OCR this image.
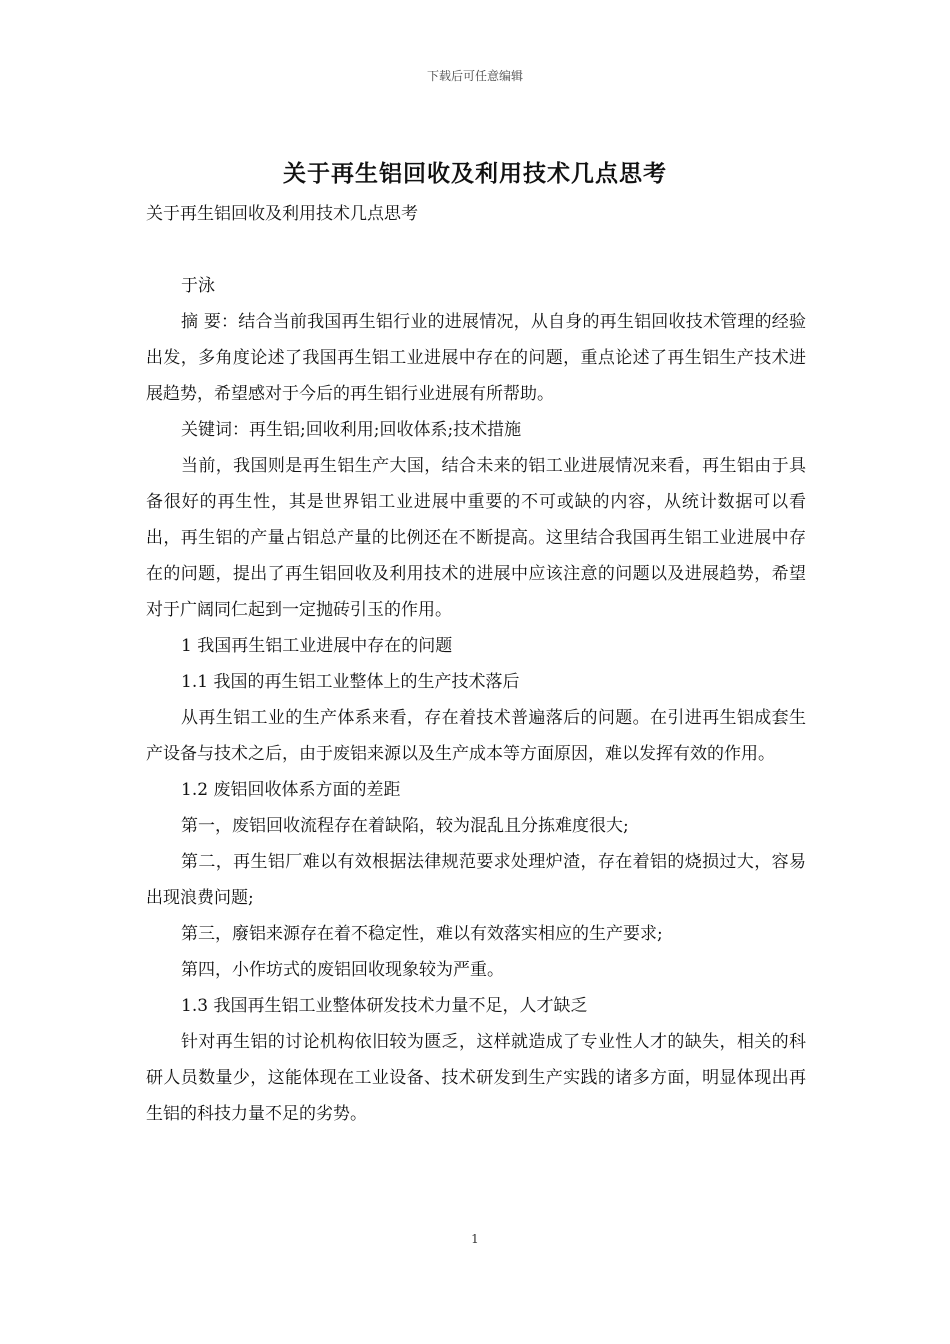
下载后可任意编辑
关于再生铝回收及利用技术几点思考

关于再生铝回收及利用技术几点思考

于泳

摘 要：结合当前我国再生铝行业的进展情况，从自身的再生铝回收技术管理的经验出发，多角度论述了我国再生铝工业进展中存在的问题，重点论述了再生铝生产技术进展趋势，希望感对于今后的再生铝行业进展有所帮助。

关键词：再生铝;回收利用;回收体系;技术措施

当前，我国则是再生铝生产大国，结合未来的铝工业进展情况来看，再生铝由于具备很好的再生性，其是世界铝工业进展中重要的不可或缺的内容，从统计数据可以看出，再生铝的产量占铝总产量的比例还在不断提高。这里结合我国再生铝工业进展中存在的问题，提出了再生铝回收及利用技术的进展中应该注意的问题以及进展趋势，希望对于广阔同仁起到一定抛砖引玉的作用。

1 我国再生铝工业进展中存在的问题

1.1 我国的再生铝工业整体上的生产技术落后

从再生铝工业的生产体系来看，存在着技术普遍落后的问题。在引进再生铝成套生产设备与技术之后，由于废铝来源以及生产成本等方面原因，难以发挥有效的作用。

1.2 废铝回收体系方面的差距

第一，废铝回收流程存在着缺陷，较为混乱且分拣难度很大;

第二，再生铝厂难以有效根据法律规范要求处理炉渣，存在着铝的烧损过大，容易出现浪费问题;

第三，廢铝来源存在着不稳定性，难以有效落实相应的生产要求;

第四，小作坊式的废铝回收现象较为严重。

1.3 我国再生铝工业整体研发技术力量不足，人才缺乏

针对再生铝的讨论机构依旧较为匮乏，这样就造成了专业性人才的缺失，相关的科研人员数量少，这能体现在工业设备、技术研发到生产实践的诸多方面，明显体现出再生铝的科技力量不足的劣势。

1
